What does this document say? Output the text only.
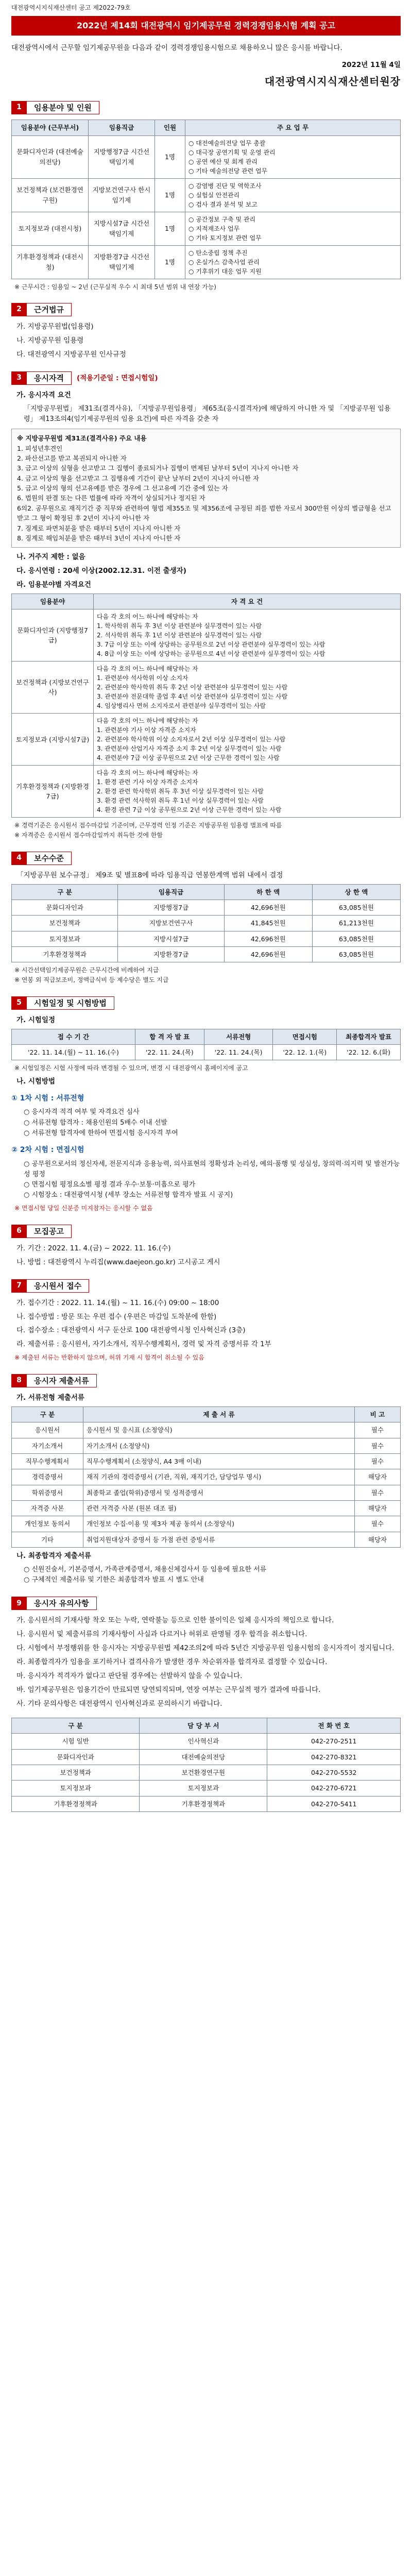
대전광역시지식재산센터 공고 제2022-79호
2022년 제14회 대전광역시 임기제공무원 경력경쟁임용시험 계획 공고
대전광역시에서 근무할 임기제공무원을 다음과 같이 경력경쟁임용시험으로 채용하오니 많은 응시를 바랍니다.
2022년 11월 4일
대전광역시지식재산센터원장
1	임용분야 및 인원
임용분야 (근무부서)	임용직급	인원	주 요 업 무
문화디자인과 (대전예술의전당)	지방행정7급 시간선택임기제	1명	○ 대전예술의전당 업무 총괄
○ 대극장 공연기획 및 운영 관리
○ 공연 예산 및 회계 관리
○ 기타 예술의전당 관련 업무
보건정책과 (보건환경연구원)	지방보건연구사 한시임기제	1명	○ 감염병 진단 및 역학조사
○ 실험실 안전관리
○ 검사 결과 분석 및 보고
토지정보과 (대전시청)	지방시설7급 시간선택임기제	1명	○ 공간정보 구축 및 관리
○ 지적재조사 업무
○ 기타 토지정보 관련 업무
기후환경정책과 (대전시청)	지방환경7급 시간선택임기제	1명	○ 탄소중립 정책 추진
○ 온실가스 감축사업 관리
○ 기후위기 대응 업무 지원
※ 근무시간 : 임용일 ~ 2년 (근무실적 우수 시 최대 5년 범위 내 연장 가능)
2	근거법규
가. 지방공무원법(임용령)
나. 지방공무원 임용령
다. 대전광역시 지방공무원 인사규정
3	응시자격	(적용기준일 : 면접시험일)
가. 응시자격 요건
「지방공무원법」 제31조(결격사유), 「지방공무원임용령」 제65조(응시결격자)에 해당하지 아니한 자 및 「지방공무원 임용령」 제13조의4(임기제공무원의 임용 요건)에 따른 자격을 갖춘 자
※ 지방공무원법 제31조(결격사유) 주요 내용
1. 피성년후견인
2. 파산선고를 받고 복권되지 아니한 자
3. 금고 이상의 실형을 선고받고 그 집행이 종료되거나 집행이 면제된 날부터 5년이 지나지 아니한 자
4. 금고 이상의 형을 선고받고 그 집행유예 기간이 끝난 날부터 2년이 지나지 아니한 자
5. 금고 이상의 형의 선고유예를 받은 경우에 그 선고유예 기간 중에 있는 자
6. 법원의 판결 또는 다른 법률에 따라 자격이 상실되거나 정지된 자
6의2. 공무원으로 재직기간 중 직무와 관련하여 형법 제355조 및 제356조에 규정된 죄를 범한 자로서 300만원 이상의 벌금형을 선고받고 그 형이 확정된 후 2년이 지나지 아니한 자
7. 징계로 파면처분을 받은 때부터 5년이 지나지 아니한 자
8. 징계로 해임처분을 받은 때부터 3년이 지나지 아니한 자
나. 거주지 제한 : 없음
다. 응시연령 : 20세 이상(2002.12.31. 이전 출생자)
라. 임용분야별 자격요건
임용분야	자 격 요 건
문화디자인과 (지방행정7급)	다음 각 호의 어느 하나에 해당하는 자
1. 학사학위 취득 후 3년 이상 관련분야 실무경력이 있는 사람
2. 석사학위 취득 후 1년 이상 관련분야 실무경력이 있는 사람
3. 7급 이상 또는 이에 상당하는 공무원으로 2년 이상 관련분야 실무경력이 있는 사람
4. 8급 이상 또는 이에 상당하는 공무원으로 4년 이상 관련분야 실무경력이 있는 사람
보건정책과 (지방보건연구사)	다음 각 호의 어느 하나에 해당하는 자
1. 관련분야 석사학위 이상 소지자
2. 관련분야 학사학위 취득 후 2년 이상 관련분야 실무경력이 있는 사람
3. 관련분야 전문대학 졸업 후 4년 이상 관련분야 실무경력이 있는 사람
4. 임상병리사 면허 소지자로서 관련분야 실무경력이 있는 사람
토지정보과 (지방시설7급)	다음 각 호의 어느 하나에 해당하는 자
1. 관련분야 기사 이상 자격증 소지자
2. 관련분야 학사학위 이상 소지자로서 2년 이상 실무경력이 있는 사람
3. 관련분야 산업기사 자격증 소지 후 2년 이상 실무경력이 있는 사람
4. 관련분야 7급 이상 공무원으로 2년 이상 근무한 경력이 있는 사람
기후환경정책과 (지방환경7급)	다음 각 호의 어느 하나에 해당하는 자
1. 환경 관련 기사 이상 자격증 소지자
2. 환경 관련 학사학위 취득 후 3년 이상 실무경력이 있는 사람
3. 환경 관련 석사학위 취득 후 1년 이상 실무경력이 있는 사람
4. 환경 관련 7급 이상 공무원으로 2년 이상 근무한 경력이 있는 사람
※ 경력기준은 응시원서 접수마감일 기준이며, 근무경력 인정 기준은 지방공무원 임용령 별표에 따름
※ 자격증은 응시원서 접수마감일까지 취득한 것에 한함
4	보수수준
「지방공무원 보수규정」 제9조 및 별표8에 따라 임용직급 연봉한계액 범위 내에서 결정
구 분	임용직급	하 한 액	상 한 액
문화디자인과	지방행정7급	42,696천원	63,085천원
보건정책과	지방보건연구사	41,845천원	61,213천원
토지정보과	지방시설7급	42,696천원	63,085천원
기후환경정책과	지방환경7급	42,696천원	63,085천원
※ 시간선택임기제공무원은 근무시간에 비례하여 지급
※ 연봉 외 직급보조비, 정액급식비 등 제수당은 별도 지급
5	시험일정 및 시험방법
가. 시험일정
접 수 기 간	합 격 자 발 표	서류전형	면접시험	최종합격자 발표
'22. 11. 14.(월) ~ 11. 16.(수)	'22. 11. 24.(목)	'22. 11. 24.(목)	'22. 12. 1.(목)	'22. 12. 6.(화)
※ 시험일정은 시험 사정에 따라 변경될 수 있으며, 변경 시 대전광역시 홈페이지에 공고
나. 시험방법
① 1차 시험 : 서류전형
○ 응시자격 적격 여부 및 자격요건 심사
○ 서류전형 합격자 : 채용인원의 5배수 이내 선발
○ 서류전형 합격자에 한하여 면접시험 응시자격 부여
② 2차 시험 : 면접시험
○ 공무원으로서의 정신자세, 전문지식과 응용능력, 의사표현의 정확성과 논리성, 예의·품행 및 성실성, 창의력·의지력 및 발전가능성 평정
○ 면접시험 평정요소별 평정 결과 우수·보통·미흡으로 평가
○ 시험장소 : 대전광역시청 (세부 장소는 서류전형 합격자 발표 시 공지)
※ 면접시험 당일 신분증 미지참자는 응시할 수 없음
6	모집공고
가. 기간 : 2022. 11. 4.(금) ~ 2022. 11. 16.(수)
나. 방법 : 대전광역시 누리집(www.daejeon.go.kr) 고시공고 게시
7	응시원서 접수
가. 접수기간 : 2022. 11. 14.(월) ~ 11. 16.(수) 09:00 ~ 18:00
나. 접수방법 : 방문 또는 우편 접수 (우편은 마감일 도착분에 한함)
다. 접수장소 : 대전광역시 서구 둔산로 100 대전광역시청 인사혁신과 (3층)
라. 제출서류 : 응시원서, 자기소개서, 직무수행계획서, 경력 및 자격 증명서류 각 1부
※ 제출된 서류는 반환하지 않으며, 허위 기재 시 합격이 취소될 수 있음
8	응시자 제출서류
가. 서류전형 제출서류
구 분	제 출 서 류	비 고
응시원서	응시원서 및 응시표 (소정양식)	필수
자기소개서	자기소개서 (소정양식)	필수
직무수행계획서	직무수행계획서 (소정양식, A4 3매 이내)	필수
경력증명서	재직 기관의 경력증명서 (기관, 직위, 재직기간, 담당업무 명시)	해당자
학위증명서	최종학교 졸업(학위)증명서 및 성적증명서	필수
자격증 사본	관련 자격증 사본 (원본 대조 필)	해당자
개인정보 동의서	개인정보 수집·이용 및 제3자 제공 동의서 (소정양식)	필수
기타	취업지원대상자 증명서 등 가점 관련 증빙서류	해당자
나. 최종합격자 제출서류
○ 신원진술서, 기본증명서, 가족관계증명서, 채용신체검사서 등 임용에 필요한 서류
○ 구체적인 제출서류 및 기한은 최종합격자 발표 시 별도 안내
9	응시자 유의사항
가. 응시원서의 기재사항 착오 또는 누락, 연락불능 등으로 인한 불이익은 일체 응시자의 책임으로 합니다.
나. 응시원서 및 제출서류의 기재사항이 사실과 다르거나 허위로 판명될 경우 합격을 취소합니다.
다. 시험에서 부정행위를 한 응시자는 지방공무원법 제42조의2에 따라 5년간 지방공무원 임용시험의 응시자격이 정지됩니다.
라. 최종합격자가 임용을 포기하거나 결격사유가 발생한 경우 차순위자를 합격자로 결정할 수 있습니다.
마. 응시자가 적격자가 없다고 판단될 경우에는 선발하지 않을 수 있습니다.
바. 임기제공무원은 임용기간이 만료되면 당연퇴직되며, 연장 여부는 근무실적 평가 결과에 따릅니다.
사. 기타 문의사항은 대전광역시 인사혁신과로 문의하시기 바랍니다.
구 분	담 당 부 서	전 화 번 호
시험 일반	인사혁신과	042-270-2511
문화디자인과	대전예술의전당	042-270-8321
보건정책과	보건환경연구원	042-270-5532
토지정보과	토지정보과	042-270-6721
기후환경정책과	기후환경정책과	042-270-5411
